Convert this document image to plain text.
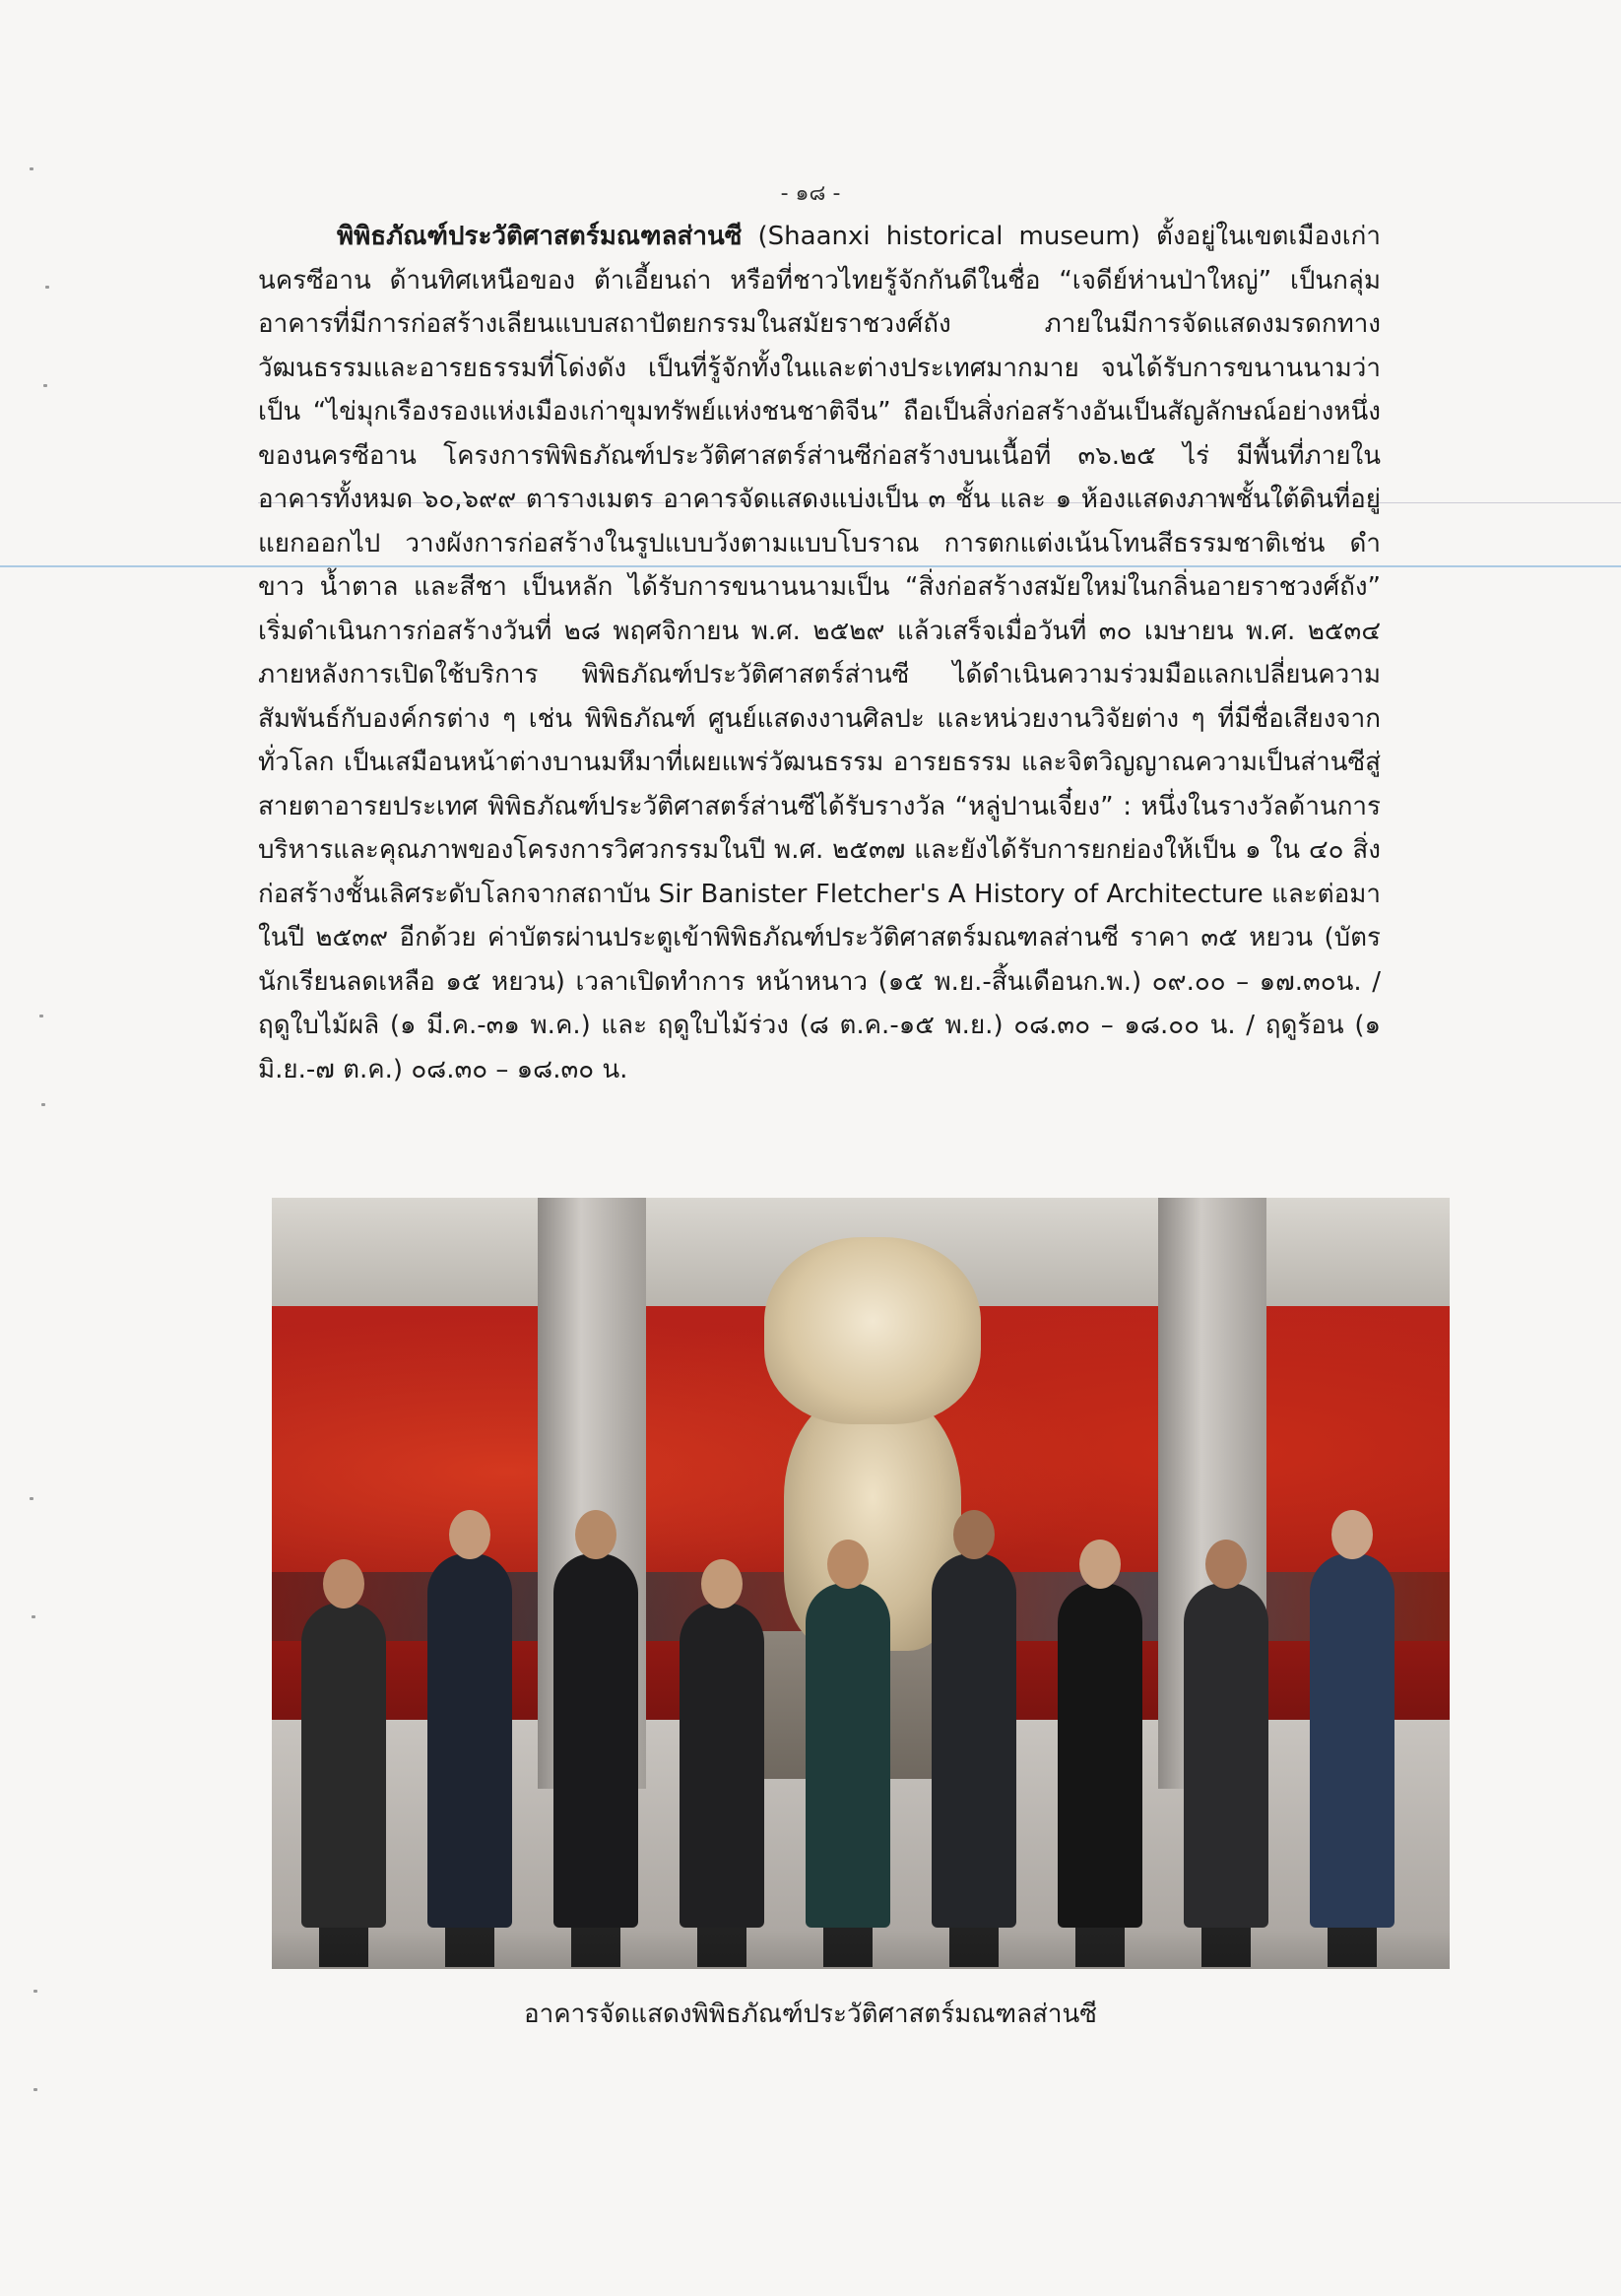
- ๑๘ -

พิพิธภัณฑ์ประวัติศาสตร์มณฑลส่านซี (Shaanxi historical museum) ตั้งอยู่ในเขตเมืองเก่านครซีอาน ด้านทิศเหนือของ ต้าเอี้ยนถ่า หรือที่ชาวไทยรู้จักกันดีในชื่อ “เจดีย์ห่านป่าใหญ่” เป็นกลุ่มอาคารที่มีการก่อสร้างเลียนแบบสถาปัตยกรรมในสมัยราชวงศ์ถัง ภายในมีการจัดแสดงมรดกทางวัฒนธรรมและอารยธรรมที่โด่งดัง เป็นที่รู้จักทั้งในและต่างประเทศมากมาย จนได้รับการขนานนามว่าเป็น “ไข่มุกเรืองรองแห่งเมืองเก่าขุมทรัพย์แห่งชนชาติจีน” ถือเป็นสิ่งก่อสร้างอันเป็นสัญลักษณ์อย่างหนึ่งของนครซีอาน โครงการพิพิธภัณฑ์ประวัติศาสตร์ส่านซีก่อสร้างบนเนื้อที่ ๓๖.๒๕ ไร่ มีพื้นที่ภายในอาคารทั้งหมด ๖๐,๖๙๙ ตารางเมตร อาคารจัดแสดงแบ่งเป็น ๓ ชั้น และ ๑ ห้องแสดงภาพชั้นใต้ดินที่อยู่แยกออกไป วางผังการก่อสร้างในรูปแบบวังตามแบบโบราณ การตกแต่งเน้นโทนสีธรรมชาติเช่น ดำ ขาว น้ำตาล และสีชา เป็นหลัก ได้รับการขนานนามเป็น “สิ่งก่อสร้างสมัยใหม่ในกลิ่นอายราชวงศ์ถัง” เริ่มดำเนินการก่อสร้างวันที่ ๒๘ พฤศจิกายน พ.ศ. ๒๕๒๙ แล้วเสร็จเมื่อวันที่ ๓๐ เมษายน พ.ศ. ๒๕๓๔ ภายหลังการเปิดใช้บริการ พิพิธภัณฑ์ประวัติศาสตร์ส่านซี ได้ดำเนินความร่วมมือแลกเปลี่ยนความสัมพันธ์กับองค์กรต่าง ๆ เช่น พิพิธภัณฑ์ ศูนย์แสดงงานศิลปะ และหน่วยงานวิจัยต่าง ๆ ที่มีชื่อเสียงจากทั่วโลก เป็นเสมือนหน้าต่างบานมหึมาที่เผยแพร่วัฒนธรรม อารยธรรม และจิตวิญญาณความเป็นส่านซีสู่สายตาอารยประเทศ พิพิธภัณฑ์ประวัติศาสตร์ส่านซีได้รับรางวัล “หลู่ปานเจี๋ยง” : หนึ่งในรางวัลด้านการบริหารและคุณภาพของโครงการวิศวกรรมในปี พ.ศ. ๒๕๓๗ และยังได้รับการยกย่องให้เป็น ๑ ใน ๔๐ สิ่งก่อสร้างชั้นเลิศระดับโลกจากสถาบัน Sir Banister Fletcher's A History of Architecture และต่อมาในปี ๒๕๓๙ อีกด้วย ค่าบัตรผ่านประตูเข้าพิพิธภัณฑ์ประวัติศาสตร์มณฑลส่านซี ราคา ๓๕ หยวน (บัตรนักเรียนลดเหลือ ๑๕ หยวน) เวลาเปิดทำการ หน้าหนาว (๑๕ พ.ย.-สิ้นเดือนก.พ.) ๐๙.๐๐ – ๑๗.๓๐น. / ฤดูใบไม้ผลิ (๑ มี.ค.-๓๑ พ.ค.) และ ฤดูใบไม้ร่วง (๘ ต.ค.-๑๕ พ.ย.) ๐๘.๓๐ – ๑๘.๐๐ น. / ฤดูร้อน (๑ มิ.ย.-๗ ต.ค.) ๐๘.๓๐ – ๑๘.๓๐ น.

อาคารจัดแสดงพิพิธภัณฑ์ประวัติศาสตร์มณฑลส่านซี
